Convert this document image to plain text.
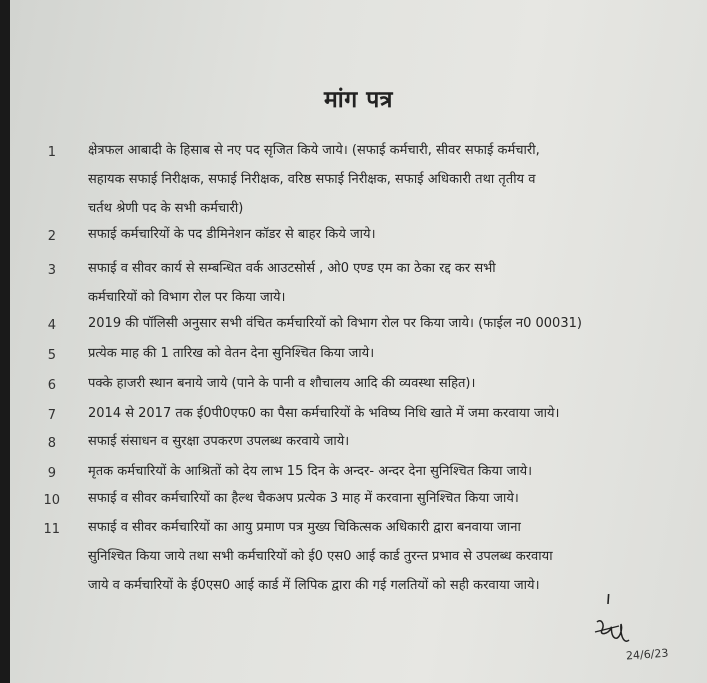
मांग पत्र
1 क्षेत्रफल आबादी के हिसाब से नए पद सृजित किये जाये। (सफाई कर्मचारी, सीवर सफाई कर्मचारी,
सहायक सफाई निरीक्षक, सफाई निरीक्षक, वरिष्ठ सफाई निरीक्षक, सफाई अधिकारी तथा तृतीय व
चर्तथ श्रेणी पद के सभी कर्मचारी)
2 सफाई कर्मचारियों के पद डीमिनेशन कॉडर से बाहर किये जाये।
3 सफाई व सीवर कार्य से सम्बन्धित वर्क आउटसोर्स , ओ0 एण्ड एम का ठेका रद्द कर सभी
कर्मचारियों को विभाग रोल पर किया जाये।
4 2019 की पॉलिसी अनुसार सभी वंचित कर्मचारियों को विभाग रोल पर किया जाये। (फाईल न0 00031)
5 प्रत्येक माह की 1 तारिख को वेतन देना सुनिश्चित किया जाये।
6 पक्के हाजरी स्थान बनाये जाये (पाने के पानी व शौचालय आदि की व्यवस्था सहित)।
7 2014 से 2017 तक ई0पी0एफ0 का पैसा कर्मचारियों के भविष्य निधि खाते में जमा करवाया जाये।
8 सफाई संसाधन व सुरक्षा उपकरण उपलब्ध करवाये जाये।
9 मृतक कर्मचारियों के आश्रितों को देय लाभ 15 दिन के अन्दर- अन्दर देना सुनिश्चित किया जाये।
10 सफाई व सीवर कर्मचारियों का हैल्थ चैकअप प्रत्येक 3 माह में करवाना सुनिश्चित किया जाये।
11 सफाई व सीवर कर्मचारियों का आयु प्रमाण पत्र मुख्य चिकित्सक अधिकारी द्वारा बनवाया जाना
सुनिश्चित किया जाये तथा सभी कर्मचारियों को ई0 एस0 आई कार्ड तुरन्त प्रभाव से उपलब्ध करवाया
जाये व कर्मचारियों के ई0एस0 आई कार्ड में लिपिक द्वारा की गई गलतियों को सही करवाया जाये।
24/6/23
